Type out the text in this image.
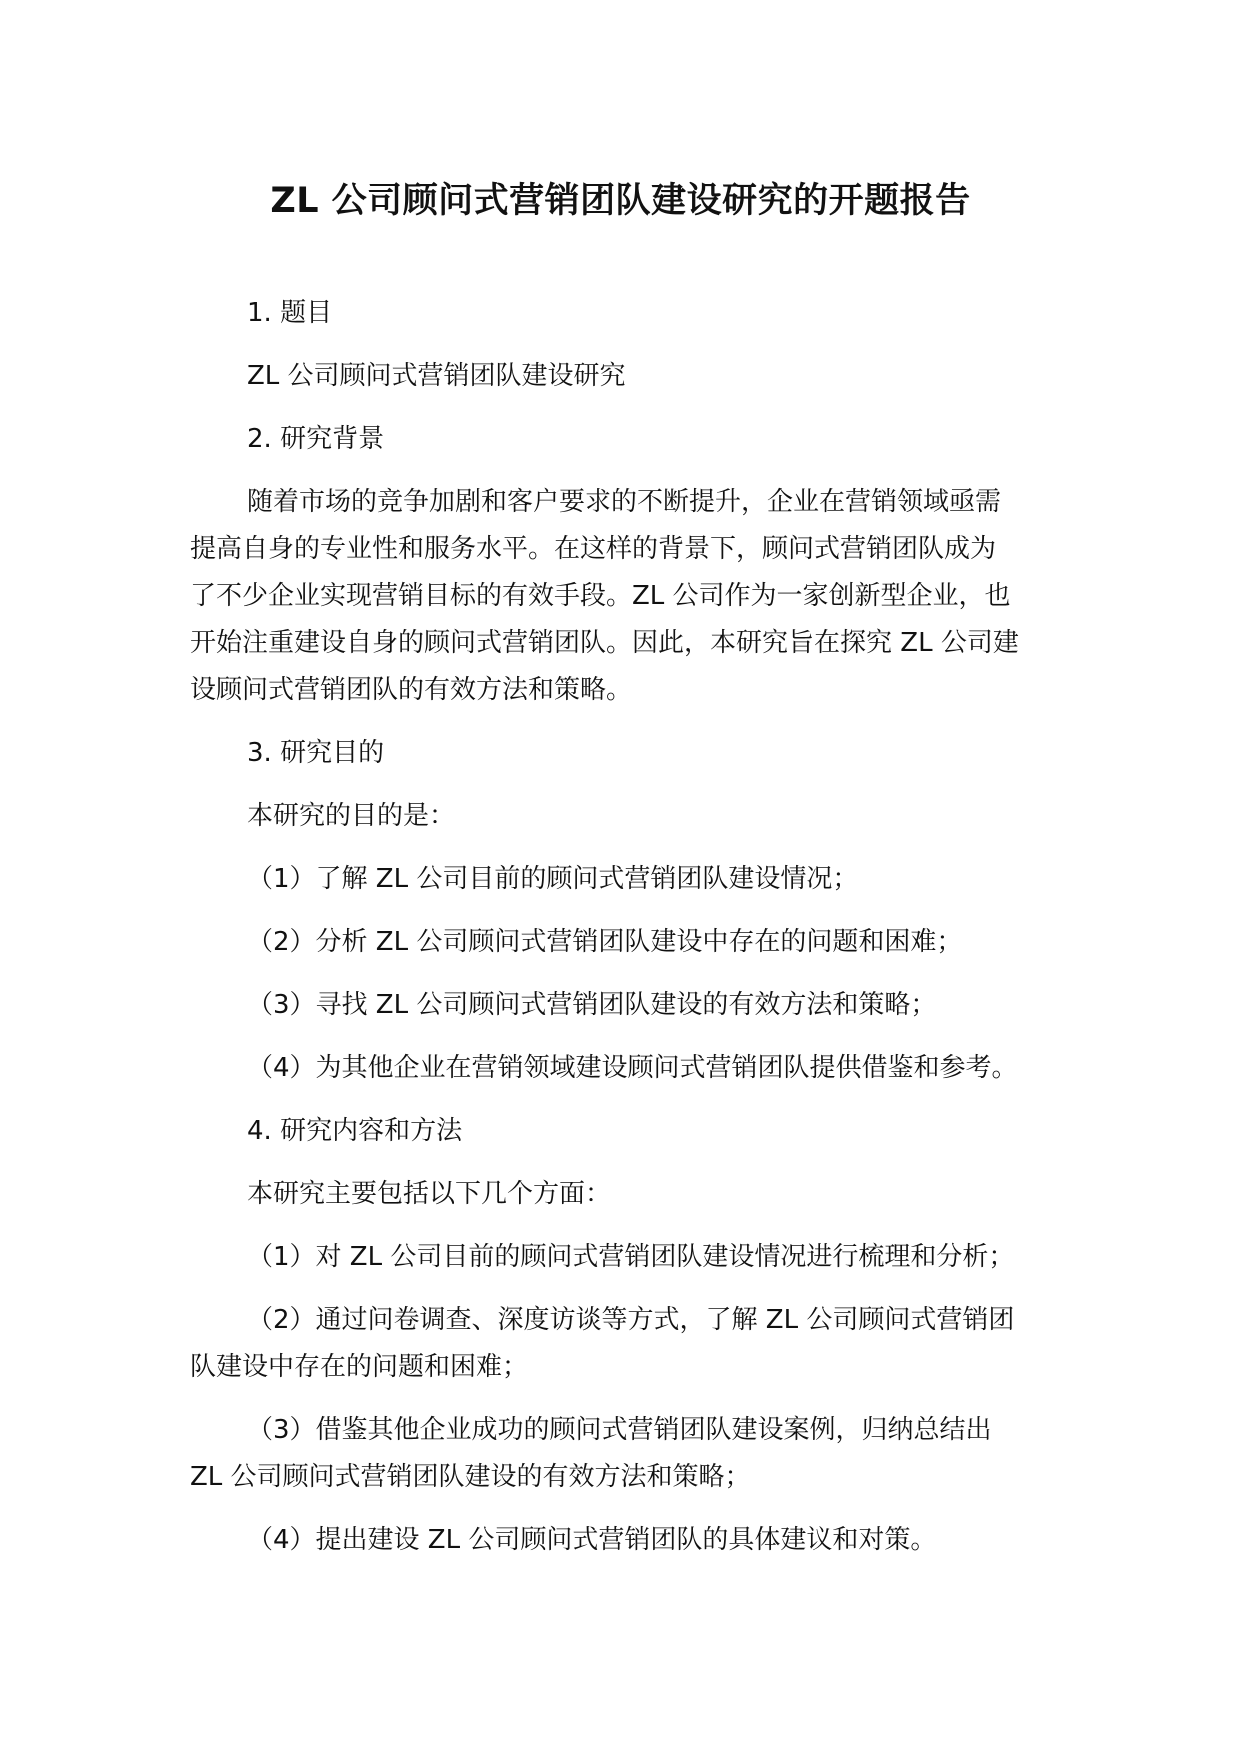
ZL 公司顾问式营销团队建设研究的开题报告
1. 题目
ZL 公司顾问式营销团队建设研究
2. 研究背景
随着市场的竞争加剧和客户要求的不断提升，企业在营销领域亟需
提高自身的专业性和服务水平。在这样的背景下，顾问式营销团队成为
了不少企业实现营销目标的有效手段。ZL 公司作为一家创新型企业，也
开始注重建设自身的顾问式营销团队。因此，本研究旨在探究 ZL 公司建
设顾问式营销团队的有效方法和策略。
3. 研究目的
本研究的目的是：
（1）了解 ZL 公司目前的顾问式营销团队建设情况；
（2）分析 ZL 公司顾问式营销团队建设中存在的问题和困难；
（3）寻找 ZL 公司顾问式营销团队建设的有效方法和策略；
（4）为其他企业在营销领域建设顾问式营销团队提供借鉴和参考。
4. 研究内容和方法
本研究主要包括以下几个方面：
（1）对 ZL 公司目前的顾问式营销团队建设情况进行梳理和分析；
（2）通过问卷调查、深度访谈等方式，了解 ZL 公司顾问式营销团
队建设中存在的问题和困难；
（3）借鉴其他企业成功的顾问式营销团队建设案例，归纳总结出
ZL 公司顾问式营销团队建设的有效方法和策略；
（4）提出建设 ZL 公司顾问式营销团队的具体建议和对策。
